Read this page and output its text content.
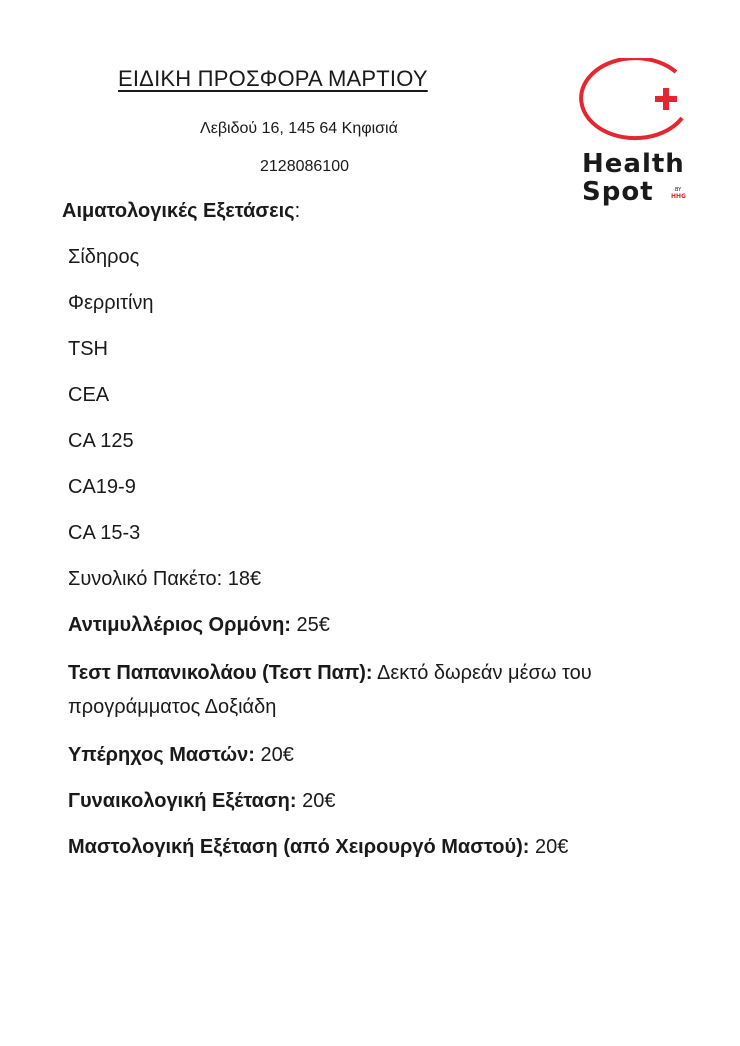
ΕΙΔΙΚΗ ΠΡΟΣΦΟΡΑ ΜΑΡΤΙΟΥ
Λεβιδού 16, 145 64 Κηφισιά
2128086100	Health
Spot	BY
HHG
Αιματολογικές Εξετάσεις:
Σίδηρος
Φερριτίνη
TSH
CEA
CA 125
CA19-9
CA 15-3
Συνολικό Πακέτο: 18€
Αντιμυλλέριος Ορμόνη: 25€
Τεστ Παπανικολάου (Τεστ Παπ): Δεκτό δωρεάν μέσω του προγράμματος Δοξιάδη
Υπέρηχος Μαστών: 20€
Γυναικολογική Εξέταση: 20€
Μαστολογική Εξέταση (από Χειρουργό Μαστού): 20€
